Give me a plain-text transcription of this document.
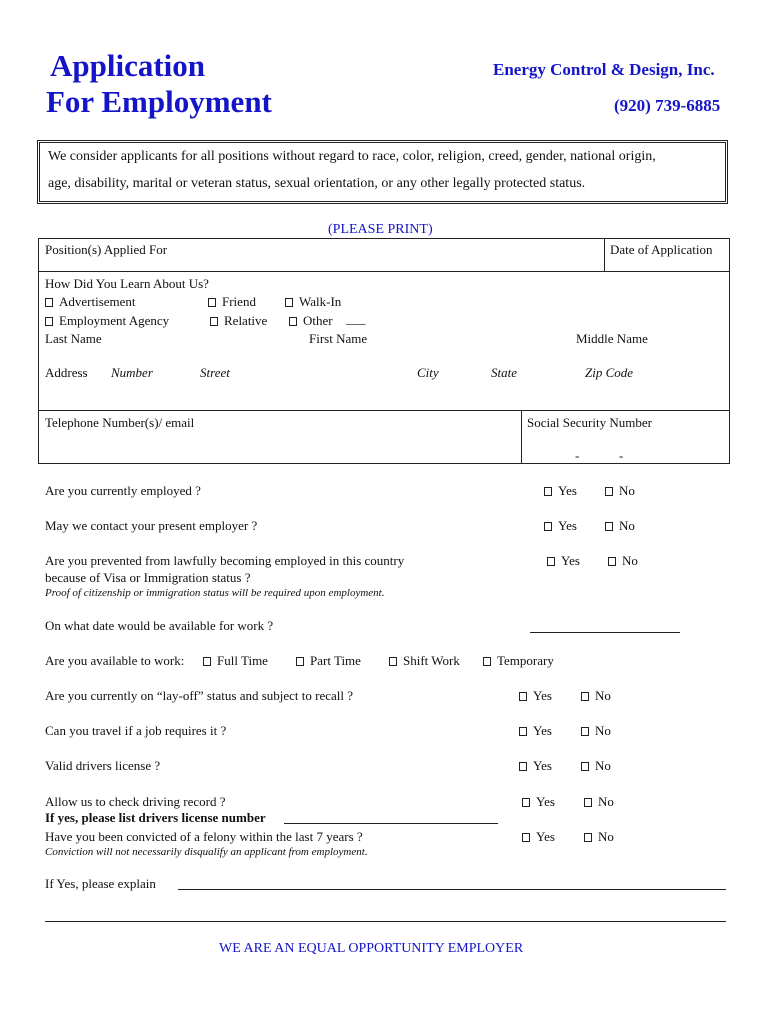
Application
For Employment
Energy Control & Design, Inc.
(920) 739-6885
We consider applicants for all positions without regard to race, color, religion, creed, gender, national origin,
age, disability, marital or veteran status, sexual orientation, or any other legally protected status.
(PLEASE PRINT)
Position(s) Applied For	Date of Application
How Did You Learn About Us?
Advertisement	Friend	Walk-In
Employment Agency	Relative	Other ___
Last Name	First Name	Middle Name
Address Number	Street	City	State	Zip Code
Telephone Number(s)/ email	Social Security Number
-	-
Are you currently employed ?	Yes	No
May we contact your present employer ?	Yes	No
Are you prevented from lawfully becoming employed in this country
because of Visa or Immigration status ?
Proof of citizenship or immigration status will be required upon employment.
Yes	No
On what date would be available for work ?
Are you available to work:	Full Time	Part Time	Shift Work	Temporary
Are you currently on “lay-off” status and subject to recall ?	Yes	No
Can you travel if a job requires it ?	Yes	No
Valid drivers license ?	Yes	No
Allow us to check driving record ?	Yes	No
If yes, please list drivers license number
Have you been convicted of a felony within the last 7 years ?	Yes	No
Conviction will not necessarily disqualify an applicant from employment.
If Yes, please explain
WE ARE AN EQUAL OPPORTUNITY EMPLOYER
